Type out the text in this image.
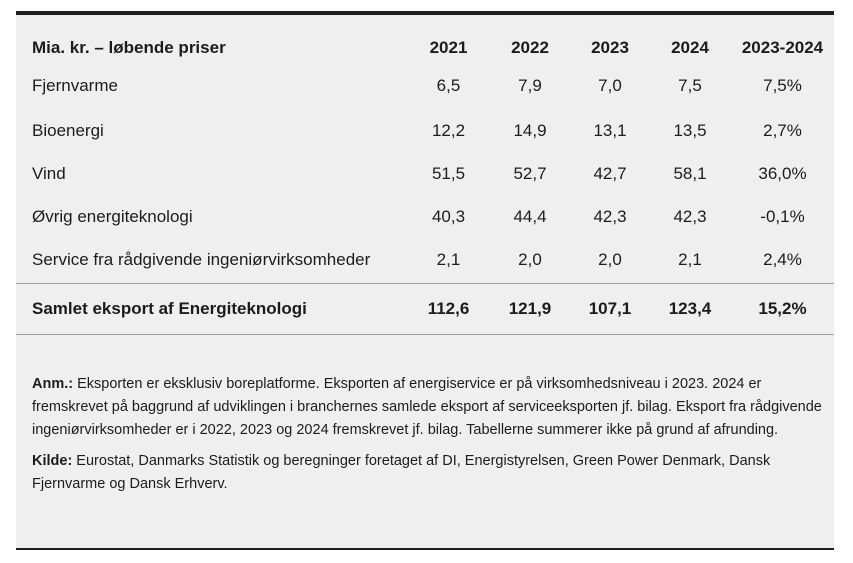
Mia. kr. – løbende priser	2021	2022	2023	2024	2023-2024
Fjernvarme	6,5	7,9	7,0	7,5	7,5%
Bioenergi	12,2	14,9	13,1	13,5	2,7%
Vind	51,5	52,7	42,7	58,1	36,0%
Øvrig energiteknologi	40,3	44,4	42,3	42,3	-0,1%
Service fra rådgivende ingeniørvirksomheder	2,1	2,0	2,0	2,1	2,4%
Samlet eksport af Energiteknologi	112,6	121,9	107,1	123,4	15,2%

Anm.: Eksporten er eksklusiv boreplatforme. Eksporten af energiservice er på virksomhedsniveau i 2023. 2024 er fremskrevet på baggrund af udviklingen i branchernes samlede eksport af serviceeksporten jf. bilag. Eksport fra rådgivende ingeniørvirksomheder er i 2022, 2023 og 2024 fremskrevet jf. bilag. Tabellerne summerer ikke på grund af afrunding.

Kilde: Eurostat, Danmarks Statistik og beregninger foretaget af DI, Energistyrelsen, Green Power Denmark, Dansk Fjernvarme og Dansk Erhverv.
